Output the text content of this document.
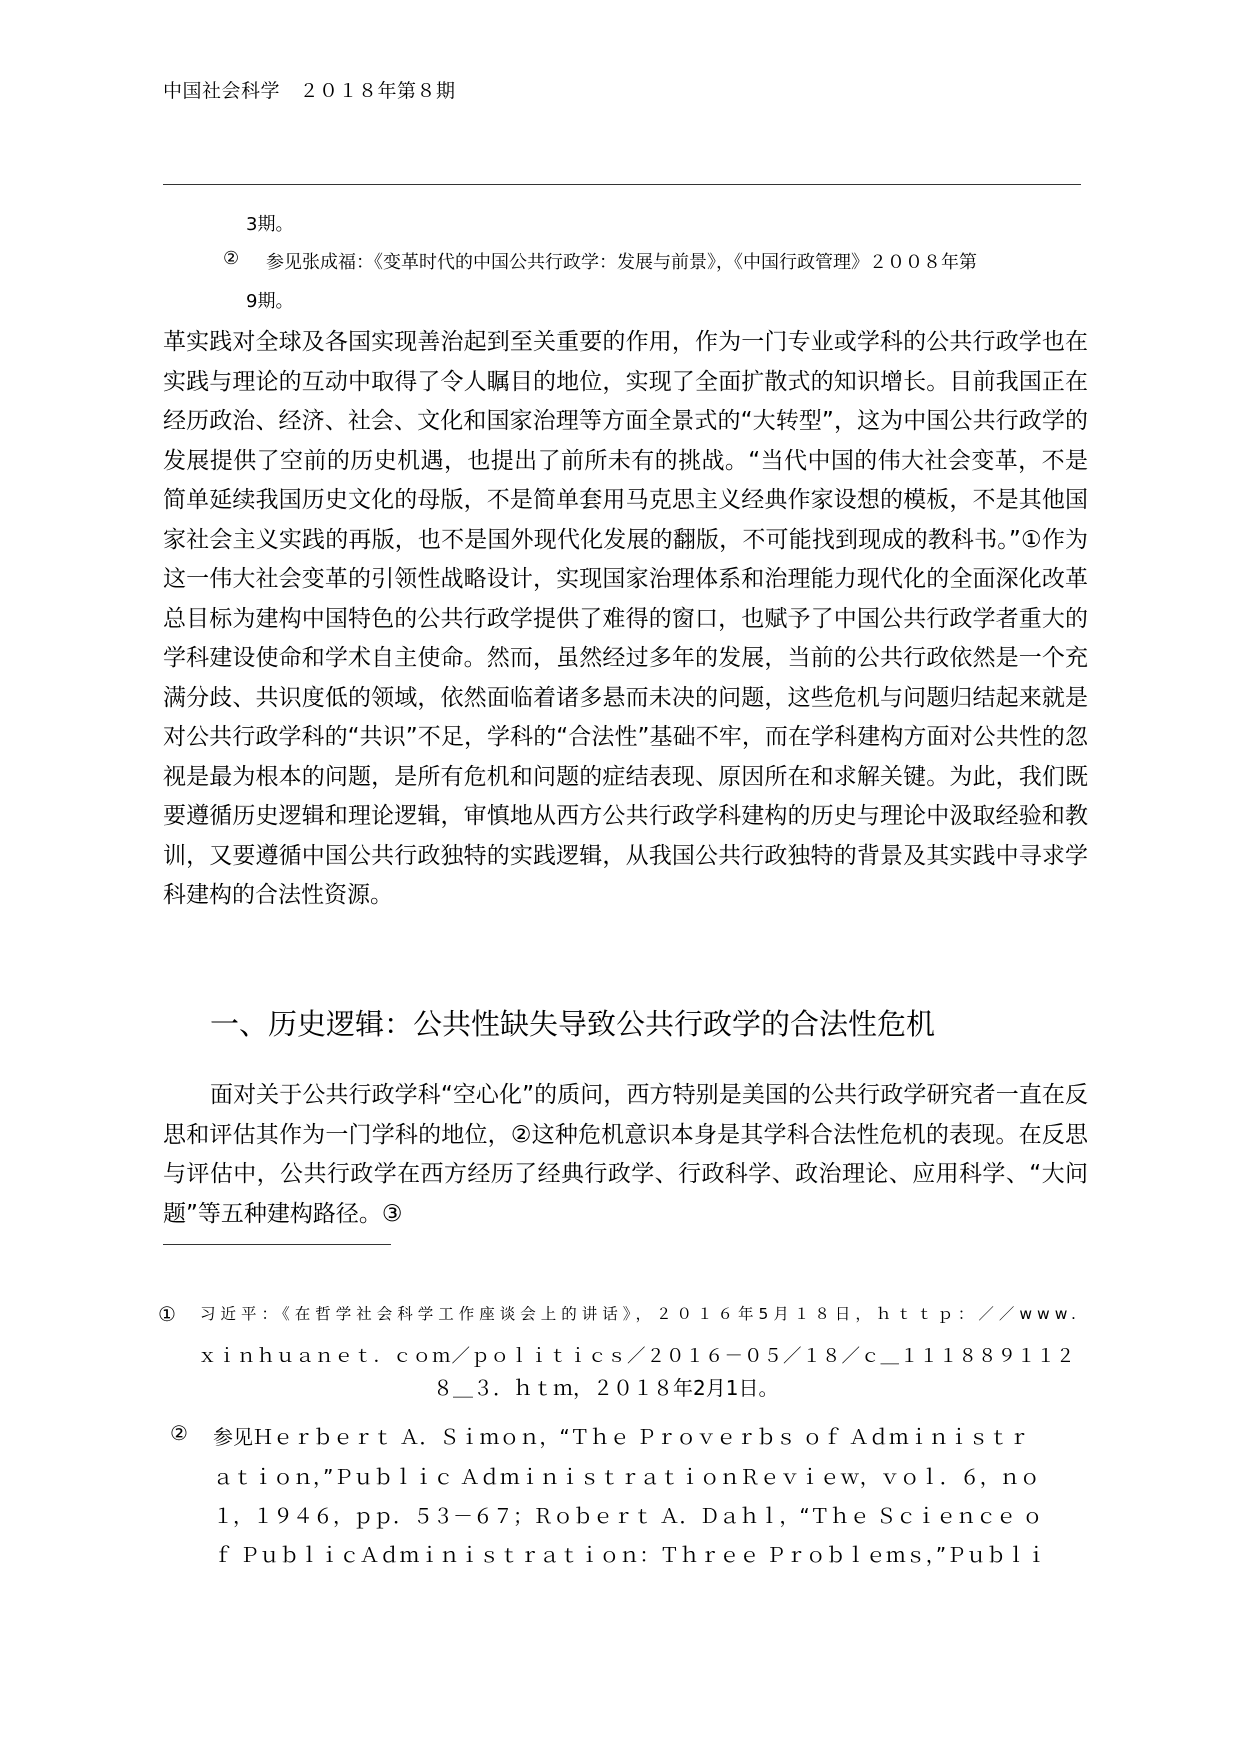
中国社会科学　 ２０１８年第８期
3期。
② 参见张成福：《变革时代的中国公共行政学：发展与前景》，《中国行政管理》２００８年第
9期。

革实践对全球及各国实现善治起到至关重要的作用，作为一门专业或学科的公共行政学也在实践与理论的互动中取得了令人瞩目的地位，实现了全面扩散式的知识增长。目前我国正在经历政治、经济、社会、文化和国家治理等方面全景式的“大转型”，这为中国公共行政学的发展提供了空前的历史机遇，也提出了前所未有的挑战。“当代中国的伟大社会变革，不是简单延续我国历史文化的母版，不是简单套用马克思主义经典作家设想的模板，不是其他国家社会主义实践的再版，也不是国外现代化发展的翻版，不可能找到现成的教科书。”①作为这一伟大社会变革的引领性战略设计，实现国家治理体系和治理能力现代化的全面深化改革总目标为建构中国特色的公共行政学提供了难得的窗口，也赋予了中国公共行政学者重大的学科建设使命和学术自主使命。然而，虽然经过多年的发展，当前的公共行政依然是一个充满分歧、共识度低的领域，依然面临着诸多悬而未决的问题，这些危机与问题归结起来就是对公共行政学科的“共识”不足，学科的“合法性”基础不牢，而在学科建构方面对公共性的忽视是最为根本的问题，是所有危机和问题的症结表现、原因所在和求解关键。为此，我们既要遵循历史逻辑和理论逻辑，审慎地从西方公共行政学科建构的历史与理论中汲取经验和教训，又要遵循中国公共行政独特的实践逻辑，从我国公共行政独特的背景及其实践中寻求学科建构的合法性资源。

一、历史逻辑：公共性缺失导致公共行政学的合法性危机

面对关于公共行政学科“空心化”的质问，西方特别是美国的公共行政学研究者一直在反思和评估其作为一门学科的地位，②这种危机意识本身是其学科合法性危机的表现。在反思与评估中，公共行政学在西方经历了经典行政学、行政科学、政治理论、应用科学、“大问题”等五种建构路径。③

① 习近平：《在哲学社会科学工作座谈会上的讲话》，２０１６年5月１８日，ｈｔｔｐ：／／www.
ｘｉｎｈｕａｎｅｔ．ｃｏｍ／ｐｏｌｉｔｉｃｓ／２０１６－０５／１８／ｃ＿１１１８８９１１２
８＿３．ｈｔｍ，２０１８年2月1日。
② 参见Ｈｅｒｂｅｒｔ Ａ．Ｓｉｍｏｎ，“Ｔｈｅ Ｐｒｏｖｅｒｂｓ ｏｆ Ａｄｍｉｎｉｓｔｒ
ａｔｉｏｎ，”Ｐｕｂｌｉｃ ＡｄｍｉｎｉｓｔｒａｔｉｏｎＲｅｖｉｅｗ，ｖｏｌ．６，ｎｏ
１，１９４６，ｐｐ．５３－６７；Ｒｏｂｅｒｔ Ａ．Ｄａｈｌ，“Ｔｈｅ Ｓｃｉｅｎｃｅ ｏ
ｆ ＰｕｂｌｉｃＡｄｍｉｎｉｓｔｒａｔｉｏｎ：Ｔｈｒｅｅ Ｐｒｏｂｌｅｍｓ，”Ｐｕｂｌｉ
